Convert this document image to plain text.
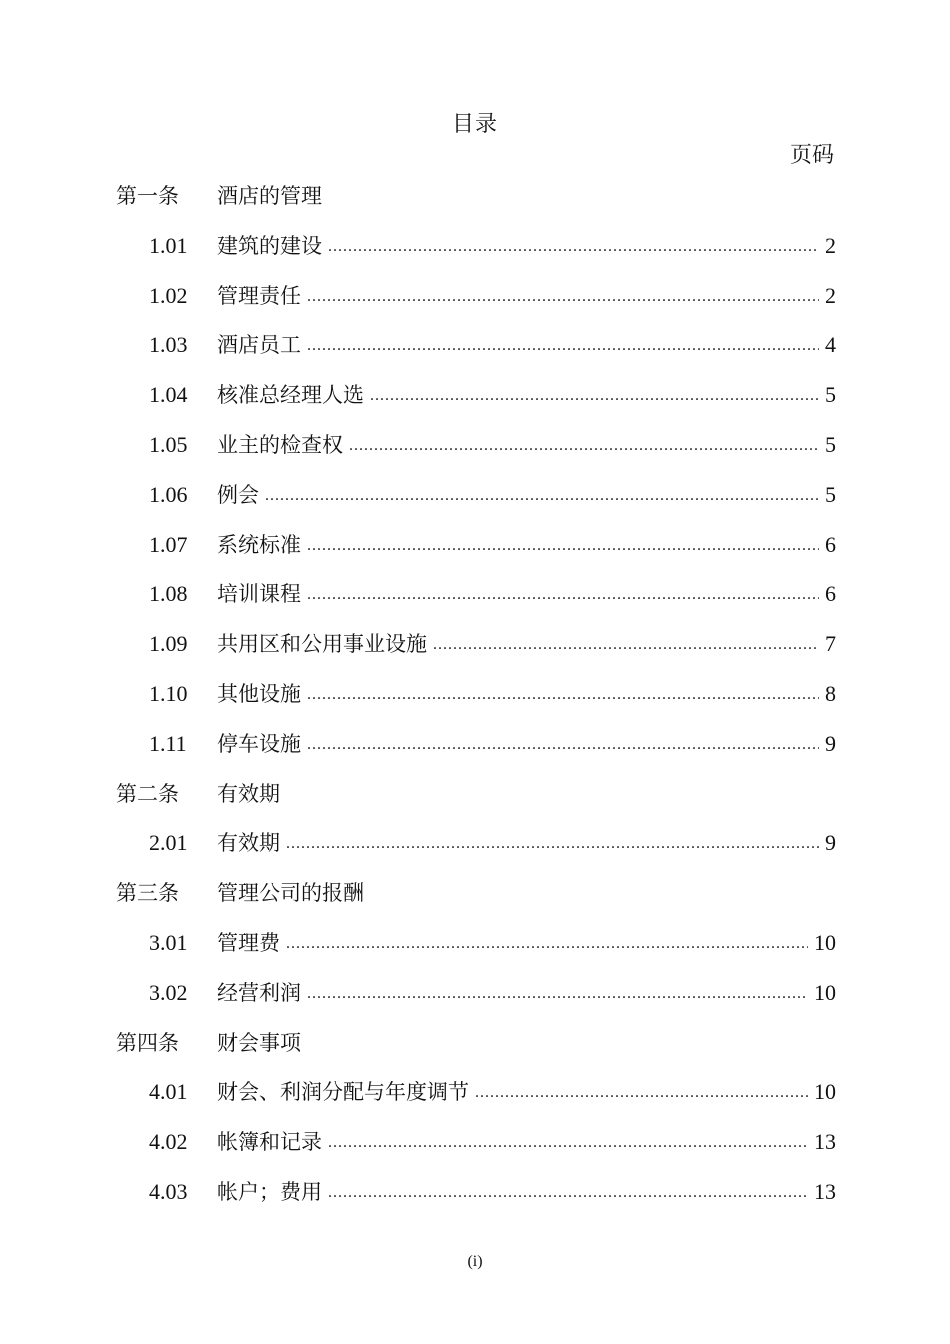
目录
页码
第一条 酒店的管理
1.01 建筑的建设 .....	2
1.02 管理责任 .....	2
1.03 酒店员工 .....	4
1.04 核准总经理人选 .....	5
1.05 业主的检查权 .....	5
1.06 例会 .....	5
1.07 系统标准 .....	6
1.08 培训课程 .....	6
1.09 共用区和公用事业设施 .....	7
1.10 其他设施 .....	8
1.11 停车设施 .....	9
第二条 有效期
2.01 有效期 .....	9
第三条 管理公司的报酬
3.01 管理费 .....	10
3.02 经营利润 .....	10
第四条 财会事项
4.01 财会、利润分配与年度调节 .....	10
4.02 帐簿和记录 .....	13
4.03 帐户；费用 .....	13
(i)
